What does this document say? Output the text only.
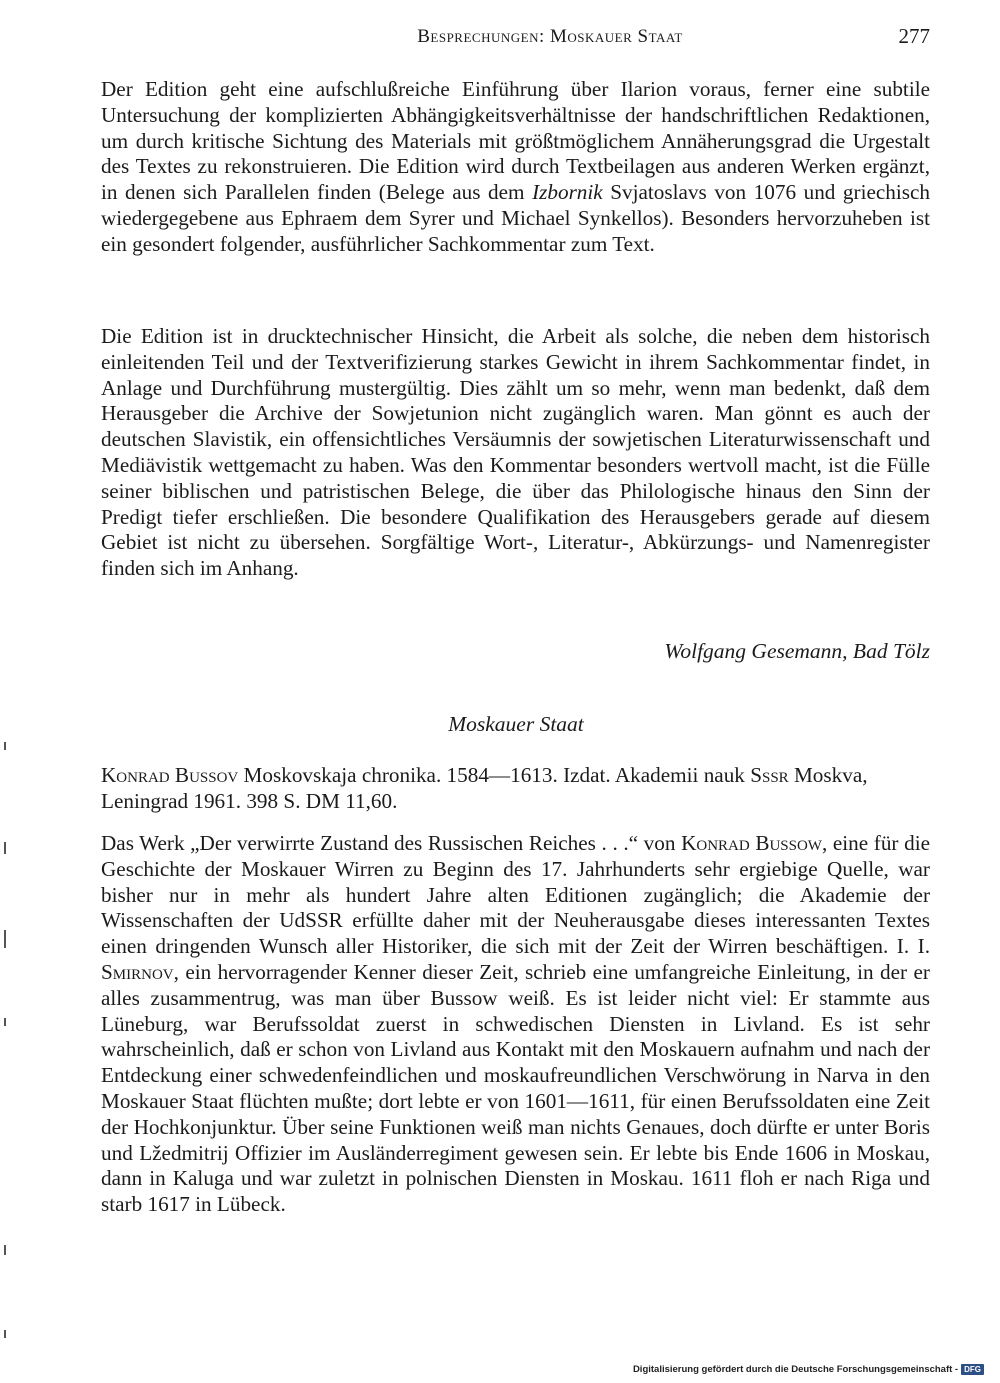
Besprechungen: Moskauer Staat	277

Der Edition geht eine aufschlußreiche Einführung über Ilarion voraus, ferner eine subtile Untersuchung der komplizierten Abhängigkeitsverhältnisse der handschriftlichen Redaktionen, um durch kritische Sichtung des Materials mit größtmöglichem Annäherungsgrad die Urgestalt des Textes zu rekonstruieren. Die Edition wird durch Textbeilagen aus anderen Werken ergänzt, in denen sich Parallelen finden (Belege aus dem Izbornik Svjatoslavs von 1076 und griechisch wiedergegebene aus Ephraem dem Syrer und Michael Synkellos). Besonders hervorzuheben ist ein gesondert folgender, ausführlicher Sachkommentar zum Text.

Die Edition ist in drucktechnischer Hinsicht, die Arbeit als solche, die neben dem historisch einleitenden Teil und der Textverifizierung starkes Gewicht in ihrem Sachkommentar findet, in Anlage und Durchführung mustergültig. Dies zählt um so mehr, wenn man bedenkt, daß dem Herausgeber die Archive der Sowjetunion nicht zugänglich waren. Man gönnt es auch der deutschen Slavistik, ein offensichtliches Versäumnis der sowjetischen Literaturwissenschaft und Mediävistik wettgemacht zu haben. Was den Kommentar besonders wertvoll macht, ist die Fülle seiner biblischen und patristischen Belege, die über das Philologische hinaus den Sinn der Predigt tiefer erschließen. Die besondere Qualifikation des Herausgebers gerade auf diesem Gebiet ist nicht zu übersehen. Sorgfältige Wort-, Literatur-, Abkürzungs- und Namenregister finden sich im Anhang.

Wolfgang Gesemann, Bad Tölz
Moskauer Staat

Konrad Bussov Moskovskaja chronika. 1584—1613. Izdat. Akademii nauk Sssr Moskva, Leningrad 1961. 398 S. DM 11,60.

Das Werk „Der verwirrte Zustand des Russischen Reiches . . .“ von Konrad Bussow, eine für die Geschichte der Moskauer Wirren zu Beginn des 17. Jahrhunderts sehr ergiebige Quelle, war bisher nur in mehr als hundert Jahre alten Editionen zugänglich; die Akademie der Wissenschaften der UdSSR erfüllte daher mit der Neuherausgabe dieses interessanten Textes einen dringenden Wunsch aller Historiker, die sich mit der Zeit der Wirren beschäftigen. I. I. Smirnov, ein hervorragender Kenner dieser Zeit, schrieb eine umfangreiche Einleitung, in der er alles zusammentrug, was man über Bussow weiß. Es ist leider nicht viel: Er stammte aus Lüneburg, war Berufssoldat zuerst in schwedischen Diensten in Livland. Es ist sehr wahrscheinlich, daß er schon von Livland aus Kontakt mit den Moskauern aufnahm und nach der Entdeckung einer schwedenfeindlichen und moskaufreundlichen Verschwörung in Narva in den Moskauer Staat flüchten mußte; dort lebte er von 1601—1611, für einen Berufssoldaten eine Zeit der Hochkonjunktur. Über seine Funktionen weiß man nichts Genaues, doch dürfte er unter Boris und Lžedmitrij Offizier im Ausländerregiment gewesen sein. Er lebte bis Ende 1606 in Moskau, dann in Kaluga und war zuletzt in polnischen Diensten in Moskau. 1611 floh er nach Riga und starb 1617 in Lübeck.

Digitalisierung gefördert durch die Deutsche Forschungsgemeinschaft - DFG
